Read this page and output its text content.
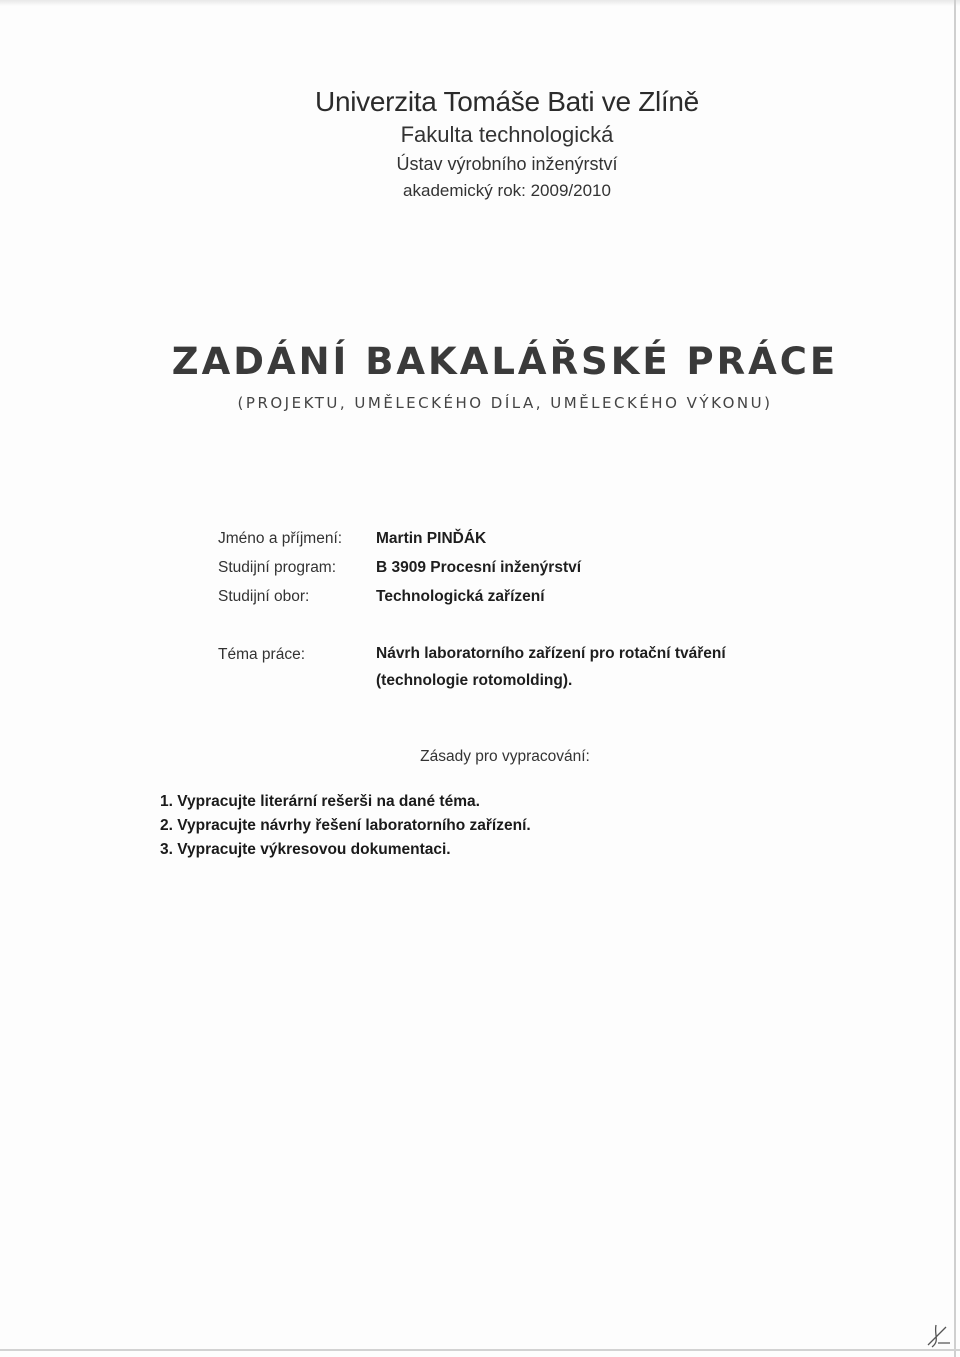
Univerzita Tomáše Bati ve Zlíně
Fakulta technologická
Ústav výrobního inženýrství
akademický rok: 2009/2010
ZADÁNÍ BAKALÁŘSKÉ PRÁCE
(PROJEKTU, UMĚLECKÉHO DÍLA, UMĚLECKÉHO VÝKONU)
Jméno a příjmení:	Martin PINĎÁK
Studijní program:	B 3909 Procesní inženýrství
Studijní obor:	Technologická zařízení
Téma práce:	Návrh laboratorního zařízení pro rotační tváření (technologie rotomolding).
Zásady pro vypracování:
1. Vypracujte literární rešerši na dané téma.
2. Vypracujte návrhy řešení laboratorního zařízení.
3. Vypracujte výkresovou dokumentaci.
